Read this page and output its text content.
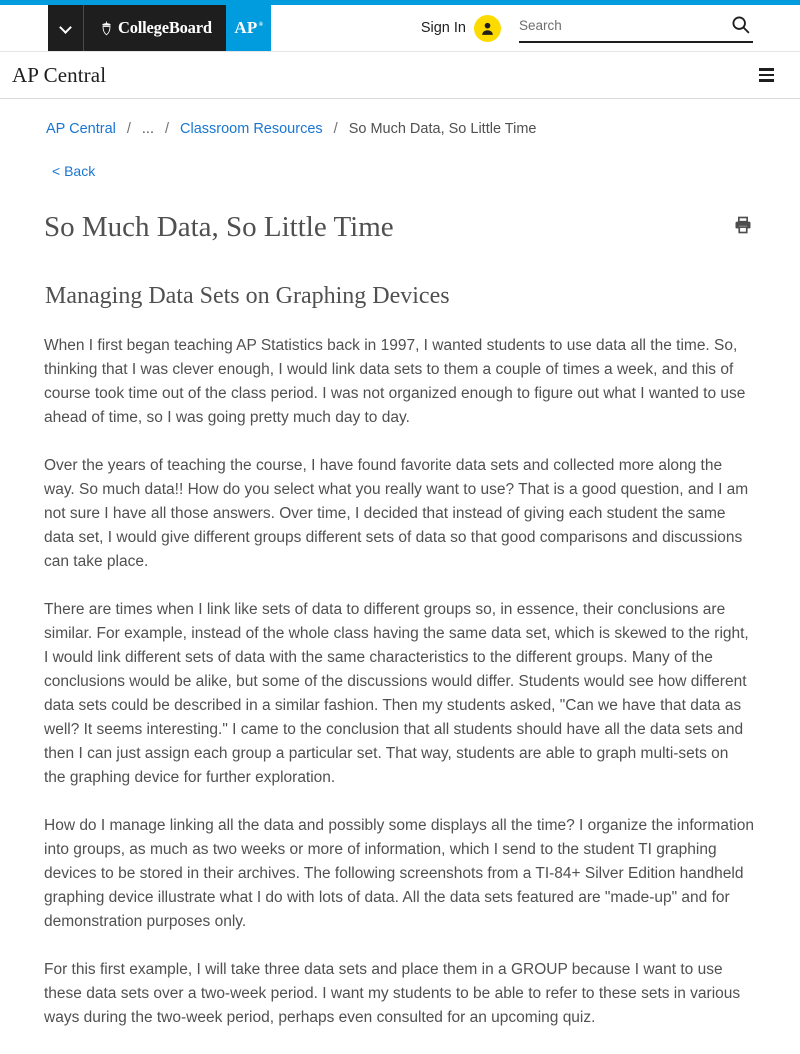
CollegeBoard AP ®	Sign In
Search
AP Central
AP Central / ... / Classroom Resources / So Much Data, So Little Time
< Back
So Much Data, So Little Time
Managing Data Sets on Graphing Devices

When I first began teaching AP Statistics back in 1997, I wanted students to use data all the time. So, thinking that I was clever enough, I would link data sets to them a couple of times a week, and this of course took time out of the class period. I was not organized enough to figure out what I wanted to use ahead of time, so I was going pretty much day to day.

Over the years of teaching the course, I have found favorite data sets and collected more along the way. So much data!! How do you select what you really want to use? That is a good question, and I am not sure I have all those answers. Over time, I decided that instead of giving each student the same data set, I would give different groups different sets of data so that good comparisons and discussions can take place.

There are times when I link like sets of data to different groups so, in essence, their conclusions are similar. For example, instead of the whole class having the same data set, which is skewed to the right, I would link different sets of data with the same characteristics to the different groups. Many of the conclusions would be alike, but some of the discussions would differ. Students would see how different data sets could be described in a similar fashion. Then my students asked, "Can we have that data as well? It seems interesting." I came to the conclusion that all students should have all the data sets and then I can just assign each group a particular set. That way, students are able to graph multi-sets on the graphing device for further exploration.

How do I manage linking all the data and possibly some displays all the time? I organize the information into groups, as much as two weeks or more of information, which I send to the student TI graphing devices to be stored in their archives. The following screenshots from a TI-84+ Silver Edition handheld graphing device illustrate what I do with lots of data. All the data sets featured are "made-up" and for demonstration purposes only.

For this first example, I will take three data sets and place them in a GROUP because I want to use these data sets over a two-week period. I want my students to be able to refer to these sets in various ways during the two-week period, perhaps even consulted for an upcoming quiz.
